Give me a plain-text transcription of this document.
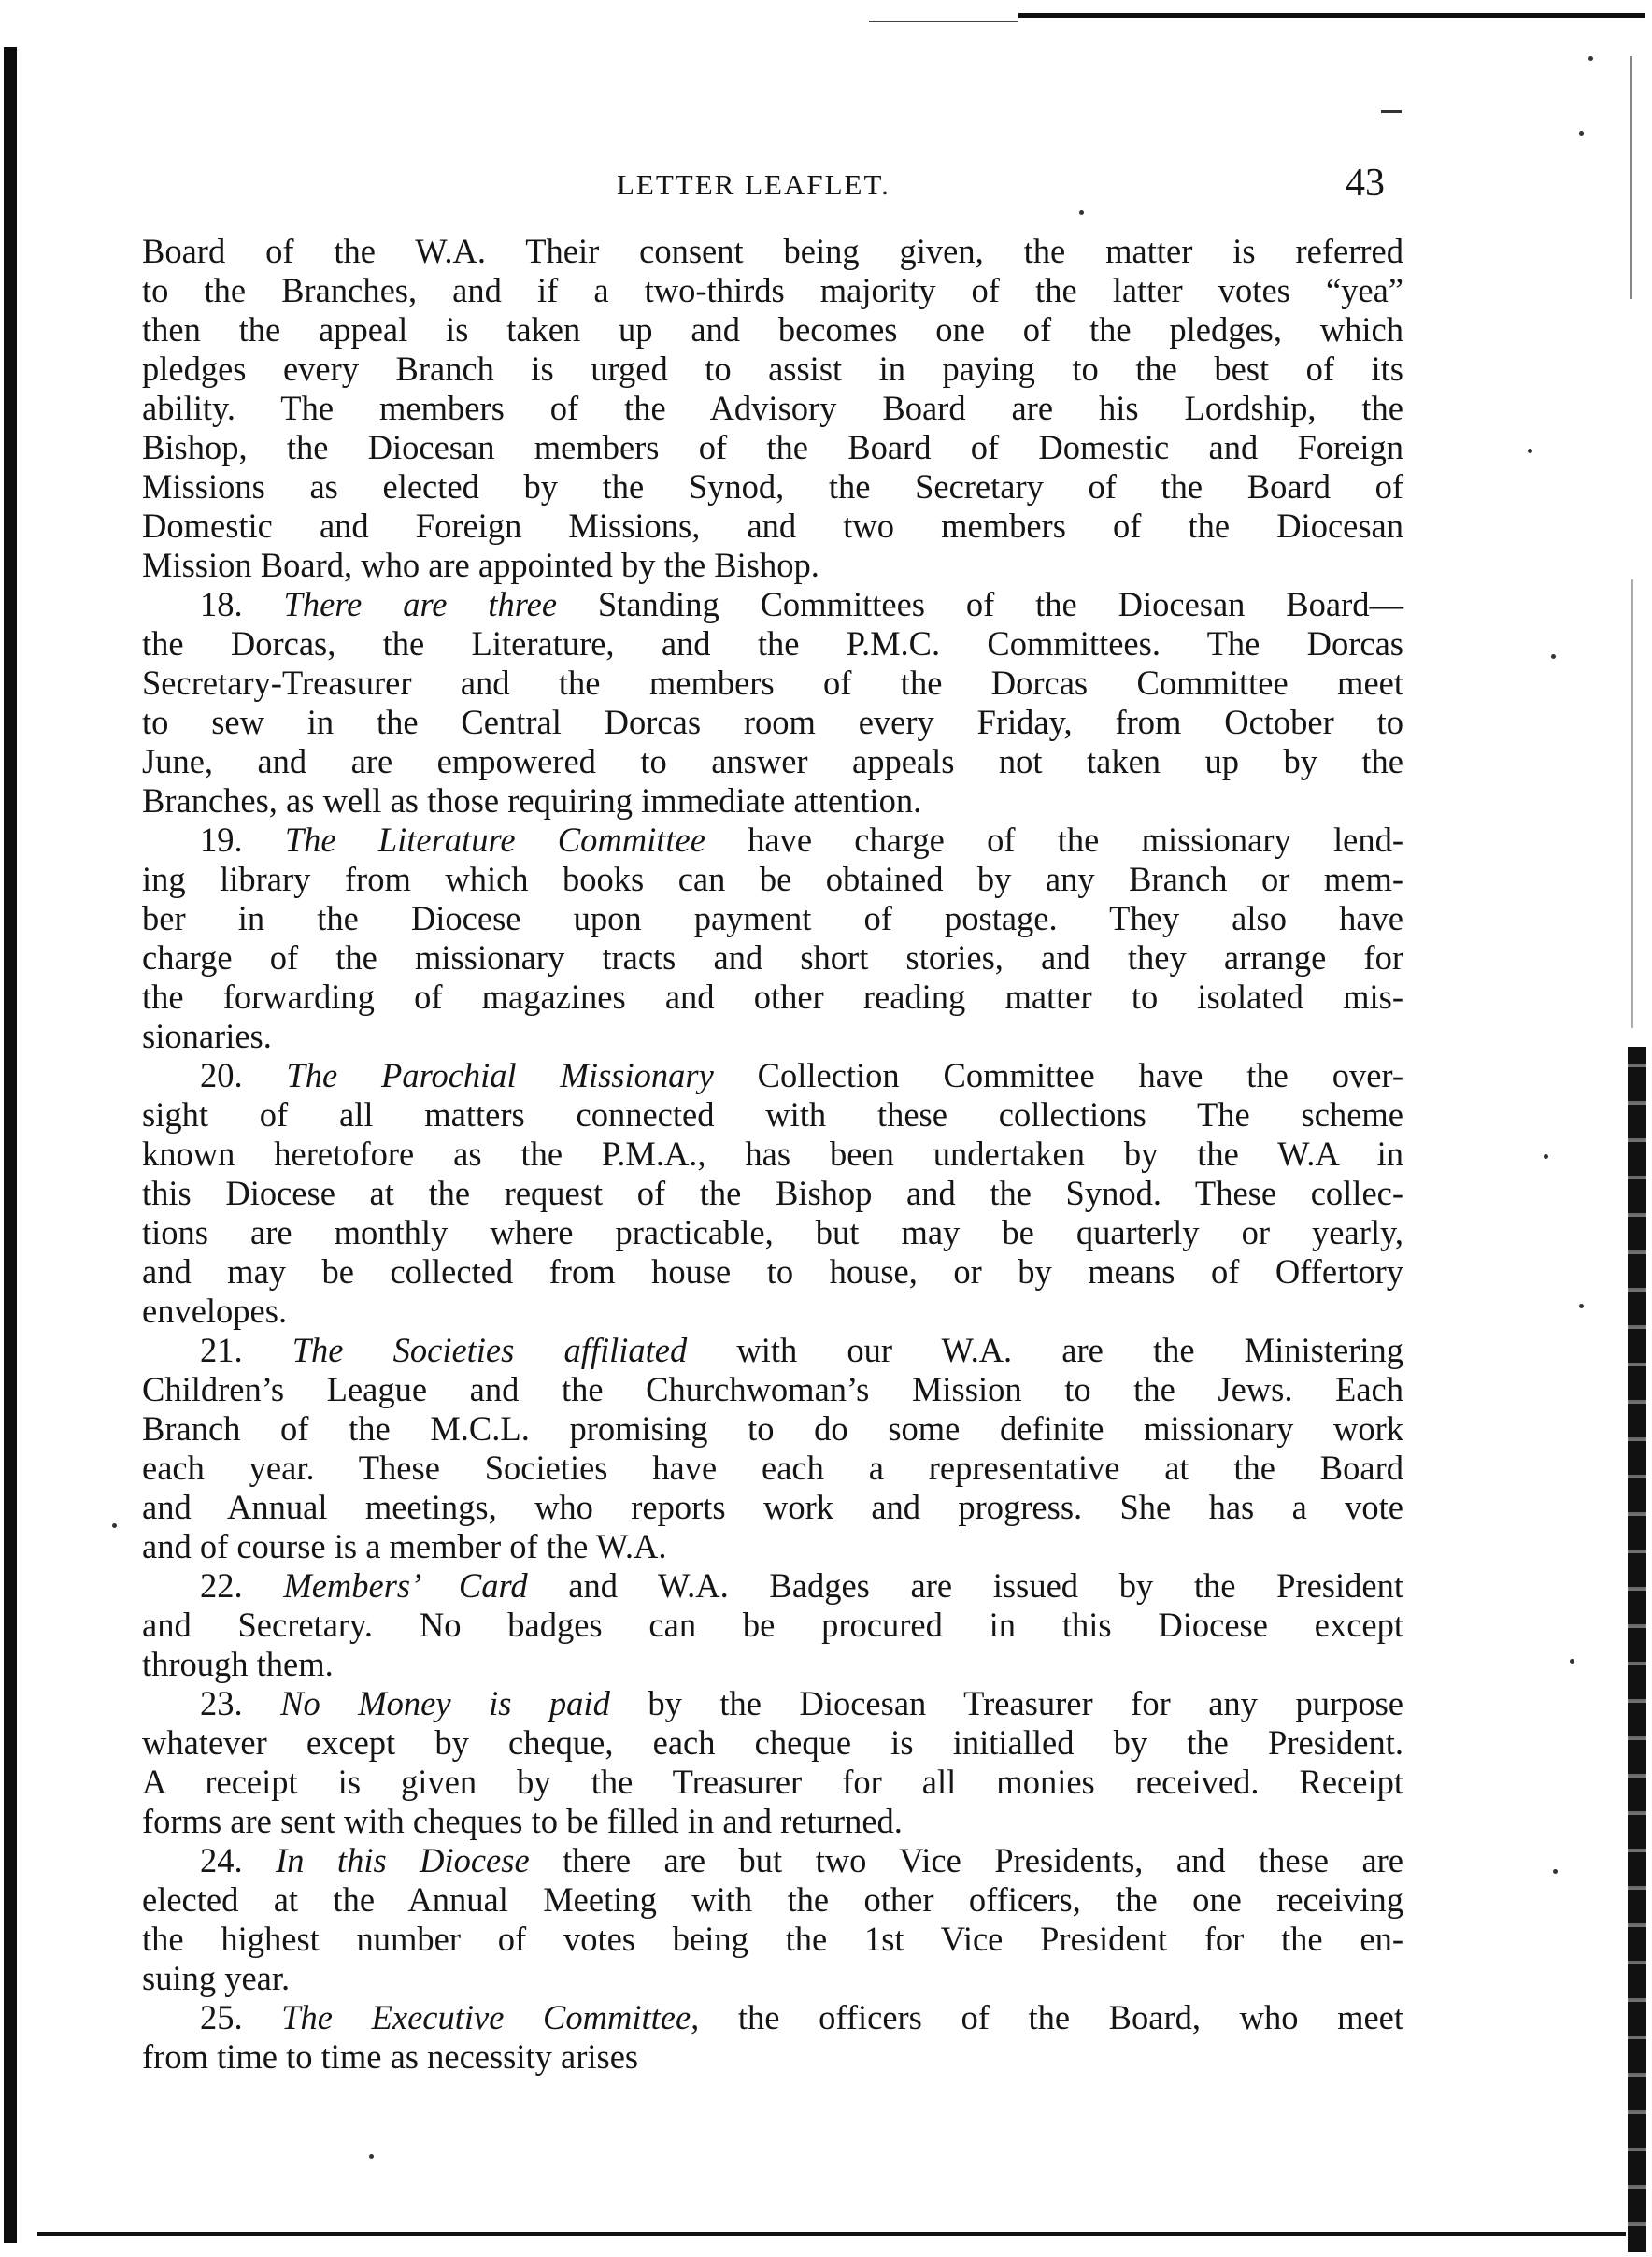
LETTER LEAFLET.	43
Board of the W.A. Their consent being given, the matter is referred
to the Branches, and if a two-thirds majority of the latter votes “yea”
then the appeal is taken up and becomes one of the pledges, which
pledges every Branch is urged to assist in paying to the best of its
ability. The members of the Advisory Board are his Lordship, the
Bishop, the Diocesan members of the Board of Domestic and Foreign
Missions as elected by the Synod, the Secretary of the Board of
Domestic and Foreign Missions, and two members of the Diocesan
Mission Board, who are appointed by the Bishop.
18. There are three Standing Committees of the Diocesan Board—
the Dorcas, the Literature, and the P.M.C. Committees. The Dorcas
Secretary-Treasurer and the members of the Dorcas Committee meet
to sew in the Central Dorcas room every Friday, from October to
June, and are empowered to answer appeals not taken up by the
Branches, as well as those requiring immediate attention.
19. The Literature Committee have charge of the missionary lend-
ing library from which books can be obtained by any Branch or mem-
ber in the Diocese upon payment of postage. They also have
charge of the missionary tracts and short stories, and they arrange for
the forwarding of magazines and other reading matter to isolated mis-
sionaries.
20. The Parochial Missionary Collection Committee have the over-
sight of all matters connected with these collections The scheme
known heretofore as the P.M.A., has been undertaken by the W.A in
this Diocese at the request of the Bishop and the Synod. These collec-
tions are monthly where practicable, but may be quarterly or yearly,
and may be collected from house to house, or by means of Offertory
envelopes.
21. The Societies affiliated with our W.A. are the Ministering
Children’s League and the Churchwoman’s Mission to the Jews. Each
Branch of the M.C.L. promising to do some definite missionary work
each year. These Societies have each a representative at the Board
and Annual meetings, who reports work and progress. She has a vote
and of course is a member of the W.A.
22. Members’ Card and W.A. Badges are issued by the President
and Secretary. No badges can be procured in this Diocese except
through them.
23. No Money is paid by the Diocesan Treasurer for any purpose
whatever except by cheque, each cheque is initialled by the President.
A receipt is given by the Treasurer for all monies received. Receipt
forms are sent with cheques to be filled in and returned.
24. In this Diocese there are but two Vice Presidents, and these are
elected at the Annual Meeting with the other officers, the one receiving
the highest number of votes being the 1st Vice President for the en-
suing year.
25. The Executive Committee, the officers of the Board, who meet
from time to time as necessity arises
